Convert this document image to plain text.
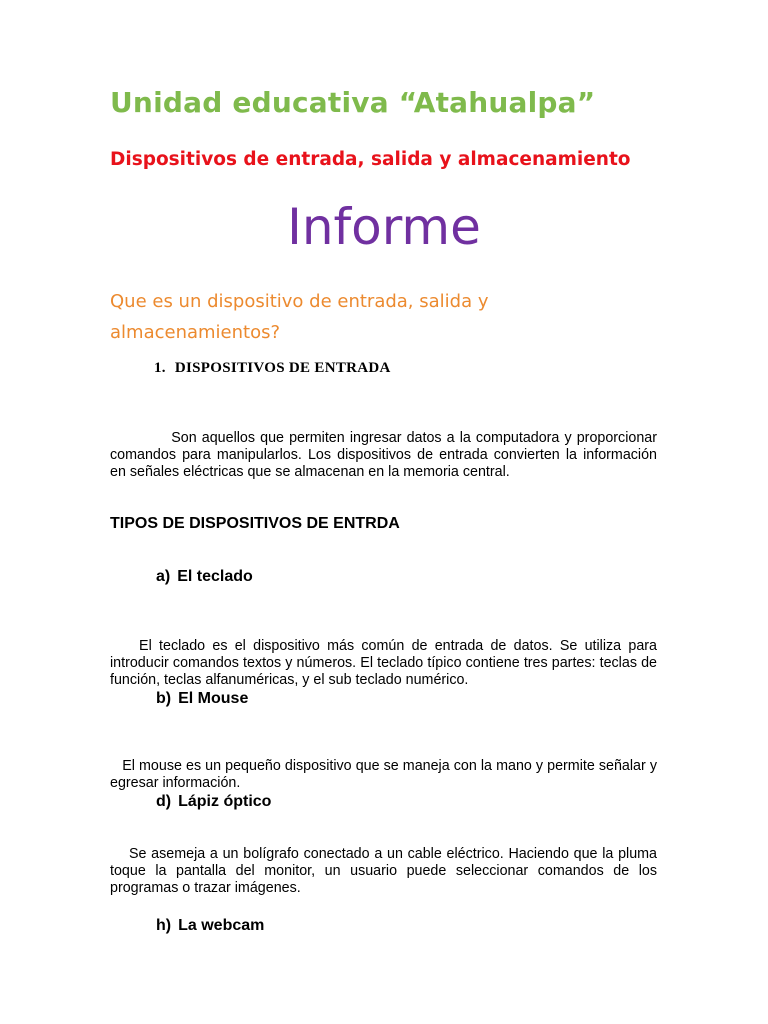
Unidad educativa “Atahualpa”
Dispositivos de entrada, salida y almacenamiento
Informe

Que es un dispositivo de entrada, salida y almacenamientos?

1. DISPOSITIVOS DE ENTRADA

Son aquellos que permiten ingresar datos a la computadora y proporcionar comandos para manipularlos. Los dispositivos de entrada convierten la información en señales eléctricas que se almacenan en la memoria central.

TIPOS DE DISPOSITIVOS DE ENTRDA
a) El teclado

El teclado es el dispositivo más común de entrada de datos. Se utiliza para introducir comandos textos y números. El teclado típico contiene tres partes: teclas de función, teclas alfanuméricas, y el sub teclado numérico.

b) El Mouse

El mouse es un pequeño dispositivo que se maneja con la mano y permite señalar y egresar información.

d) Lápiz óptico

Se asemeja a un bolígrafo conectado a un cable eléctrico. Haciendo que la pluma toque la pantalla del monitor, un usuario puede seleccionar comandos de los programas o trazar imágenes.

h) La webcam
